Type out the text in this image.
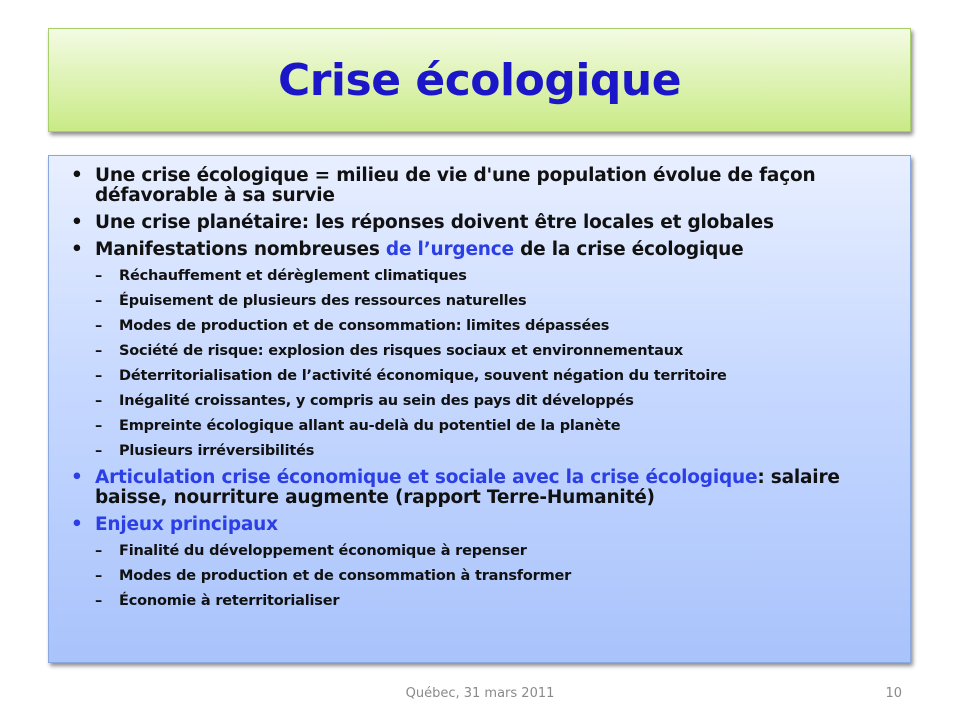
Crise écologique
• Une crise écologique = milieu de vie d'une population évolue de façon défavorable à sa survie
• Une crise planétaire: les réponses doivent être locales et globales
• Manifestations nombreuses de l’urgence de la crise écologique
– Réchauffement et dérèglement climatiques
– Épuisement de plusieurs des ressources naturelles
– Modes de production et de consommation: limites dépassées
– Société de risque: explosion des risques sociaux et environnementaux
– Déterritorialisation de l’activité économique, souvent négation du territoire
– Inégalité croissantes, y compris au sein des pays dit développés
– Empreinte écologique allant au-delà du potentiel de la planète
– Plusieurs irréversibilités
• Articulation crise économique et sociale avec la crise écologique: salaire baisse, nourriture augmente (rapport Terre-Humanité)
• Enjeux principaux
– Finalité du développement économique à repenser
– Modes de production et de consommation à transformer
– Économie à reterritorialiser
Québec, 31 mars 2011	10
